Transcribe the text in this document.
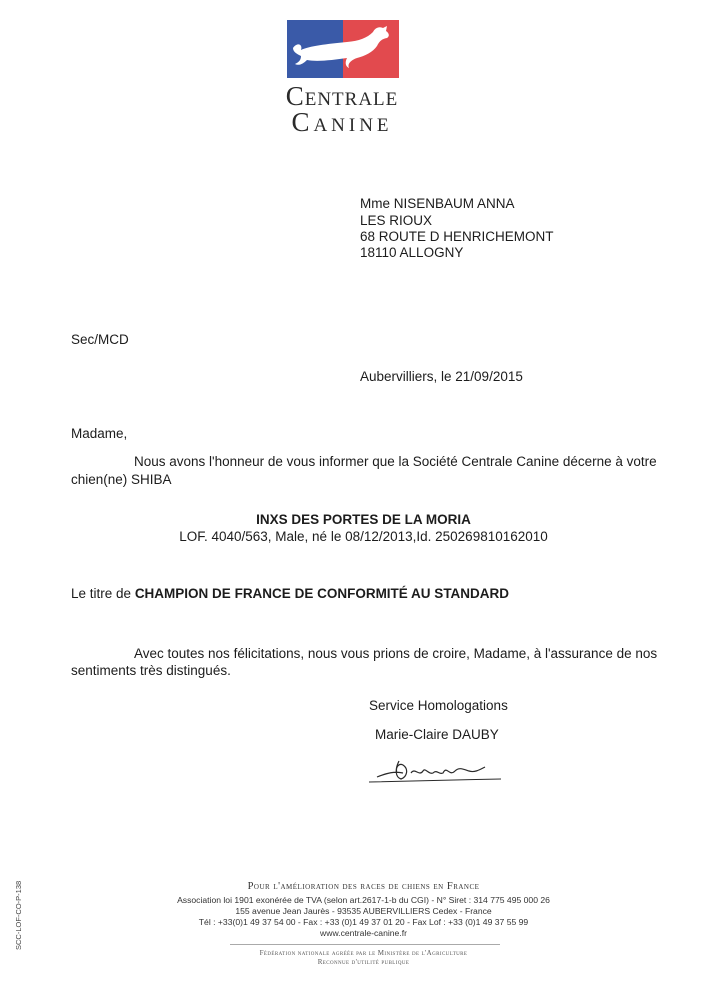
Centrale
Canine
Mme NISENBAUM ANNA
LES RIOUX
68 ROUTE D HENRICHEMONT
18110 ALLOGNY
Sec/MCD
Aubervilliers, le 21/09/2015
Madame,
Nous avons l'honneur de vous informer que la Société Centrale Canine décerne à votre
chien(ne) SHIBA
INXS DES PORTES DE LA MORIA
LOF. 4040/563, Male, né le 08/12/2013,Id. 250269810162010
Le titre de CHAMPION DE FRANCE DE CONFORMITÉ AU STANDARD
Avec toutes nos félicitations, nous vous prions de croire, Madame, à l'assurance de nos
sentiments très distingués.
Service Homologations
Marie-Claire DAUBY
Pour l'amélioration des races de chiens en France
Association loi 1901 exonérée de TVA (selon art.2617-1-b du CGI) - N° Siret : 314 775 495 000 26
155 avenue Jean Jaurès - 93535 AUBERVILLIERS Cedex - France
Tél : +33(0)1 49 37 54 00 - Fax : +33 (0)1 49 37 01 20 - Fax Lof : +33 (0)1 49 37 55 99
www.centrale-canine.fr
Fédération nationale agréée par le Ministère de l'Agriculture
Reconnue d'utilité publique
SCC-LOF-CO-P-138
